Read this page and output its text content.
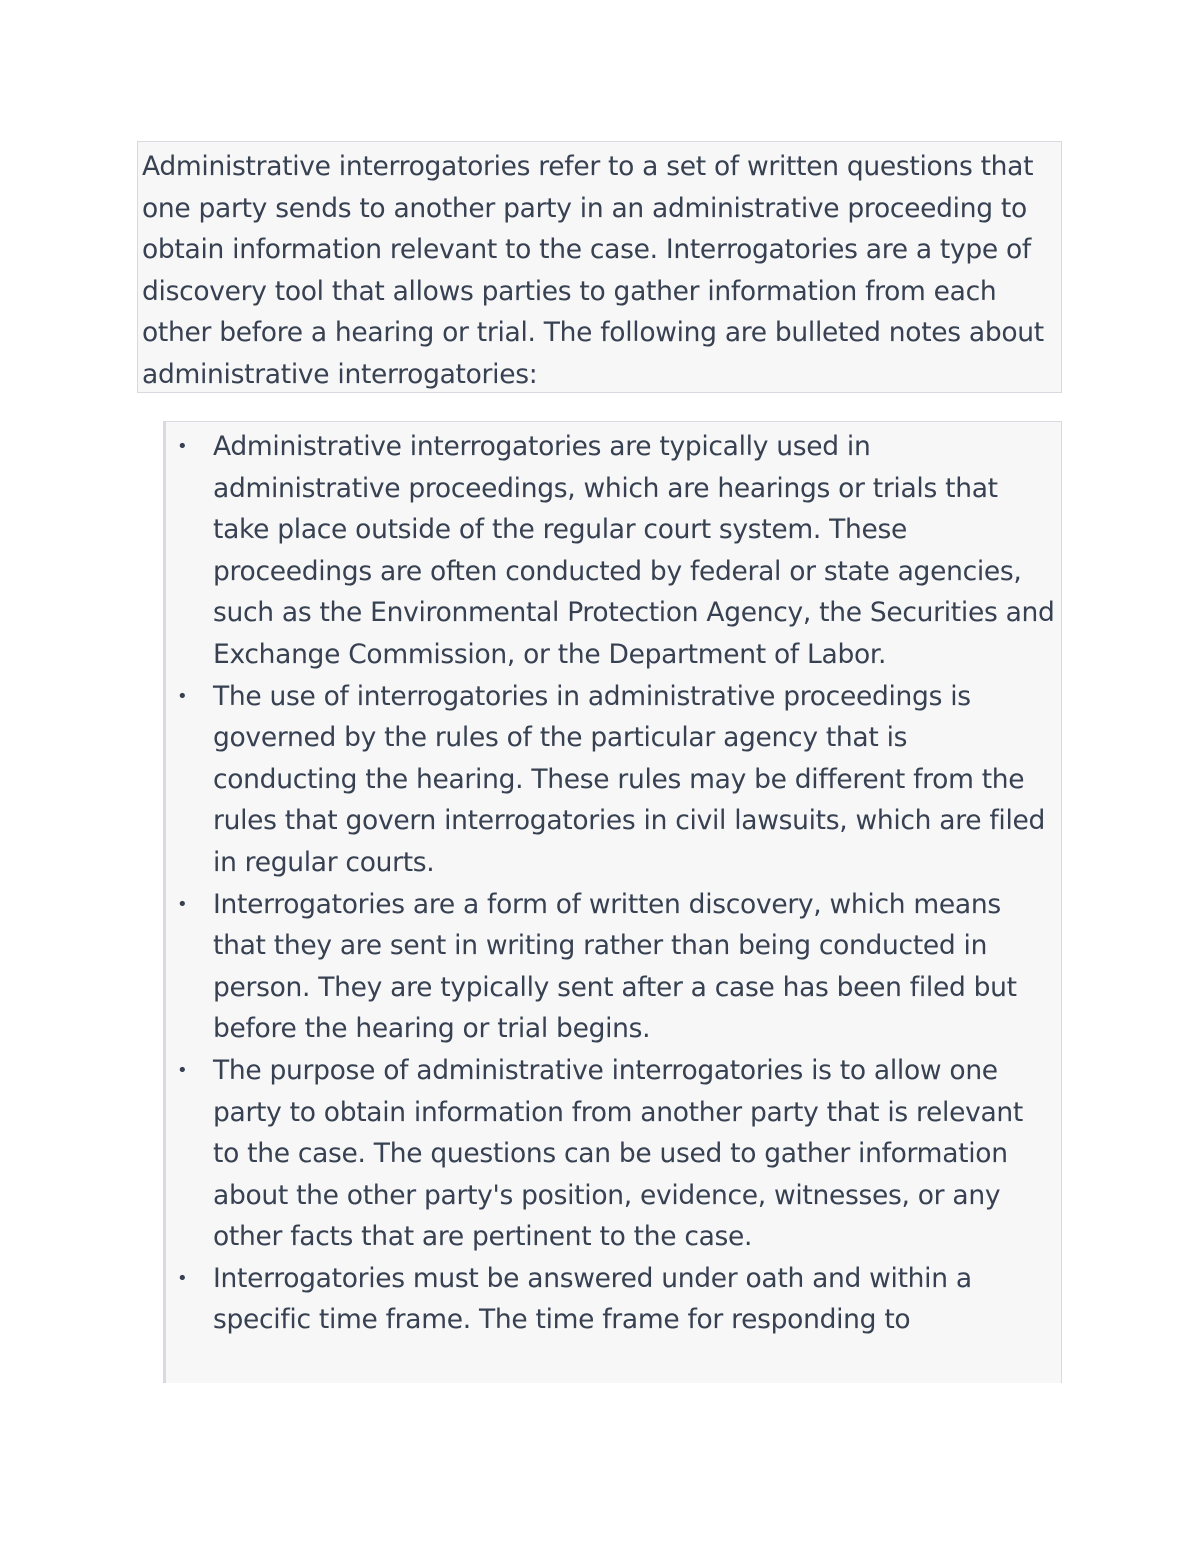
Administrative interrogatories refer to a set of written questions that one party sends to another party in an administrative proceeding to obtain information relevant to the case. Interrogatories are a type of discovery tool that allows parties to gather information from each other before a hearing or trial. The following are bulleted notes about administrative interrogatories:

• Administrative interrogatories are typically used in administrative proceedings, which are hearings or trials that take place outside of the regular court system. These proceedings are often conducted by federal or state agencies, such as the Environmental Protection Agency, the Securities and Exchange Commission, or the Department of Labor.
• The use of interrogatories in administrative proceedings is governed by the rules of the particular agency that is conducting the hearing. These rules may be different from the rules that govern interrogatories in civil lawsuits, which are filed in regular courts.
• Interrogatories are a form of written discovery, which means that they are sent in writing rather than being conducted in person. They are typically sent after a case has been filed but before the hearing or trial begins.
• The purpose of administrative interrogatories is to allow one party to obtain information from another party that is relevant to the case. The questions can be used to gather information about the other party's position, evidence, witnesses, or any other facts that are pertinent to the case.
• Interrogatories must be answered under oath and within a specific time frame. The time frame for responding to
